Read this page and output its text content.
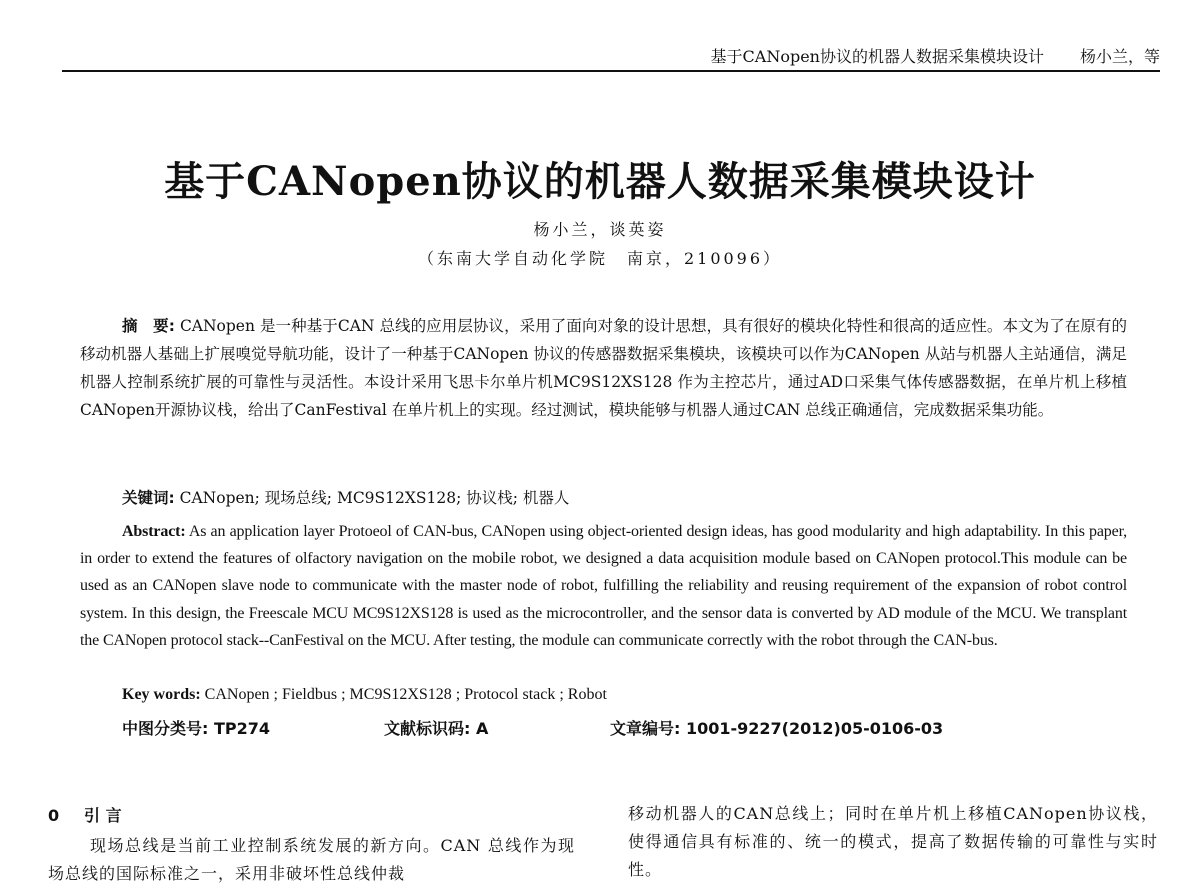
基于CANopen协议的机器人数据采集模块设计 杨小兰，等
基于CANopen协议的机器人数据采集模块设计
杨小兰，谈英姿
（东南大学自动化学院　南京，210096）

摘　要: CANopen 是一种基于CAN 总线的应用层协议，采用了面向对象的设计思想，具有很好的模块化特性和很高的适应性。本文为了在原有的移动机器人基础上扩展嗅觉导航功能，设计了一种基于CANopen 协议的传感器数据采集模块，该模块可以作为CANopen 从站与机器人主站通信，满足机器人控制系统扩展的可靠性与灵活性。本设计采用飞思卡尔单片机MC9S12XS128 作为主控芯片，通过AD口采集气体传感器数据，在单片机上移植CANopen开源协议栈，给出了CanFestival 在单片机上的实现。经过测试，模块能够与机器人通过CAN 总线正确通信，完成数据采集功能。

关键词: CANopen; 现场总线; MC9S12XS128; 协议栈; 机器人

Abstract: As an application layer Protoeol of CAN-bus, CANopen using object-oriented design ideas, has good modularity and high adaptability. In this paper, in order to extend the features of olfactory navigation on the mobile robot, we designed a data acquisition module based on CANopen protocol.This module can be used as an CANopen slave node to communicate with the master node of robot, fulfilling the reliability and reusing requirement of the expansion of robot control system. In this design, the Freescale MCU MC9S12XS128 is used as the microcontroller, and the sensor data is converted by AD module of the MCU. We transplant the CANopen protocol stack--CanFestival on the MCU. After testing, the module can communicate correctly with the robot through the CAN-bus.

Key words: CANopen ; Fieldbus ; MC9S12XS128 ; Protocol stack ; Robot
中图分类号: TP274	文献标识码: A	文章编号: 1001-9227(2012)05-0106-03
0 引 言

现场总线是当前工业控制系统发展的新方向。CAN 总线作为现场总线的国际标准之一，采用非破坏性总线仲裁

移动机器人的CAN总线上；同时在单片机上移植CANopen协议栈，使得通信具有标准的、统一的模式，提高了数据传输的可靠性与实时性。
